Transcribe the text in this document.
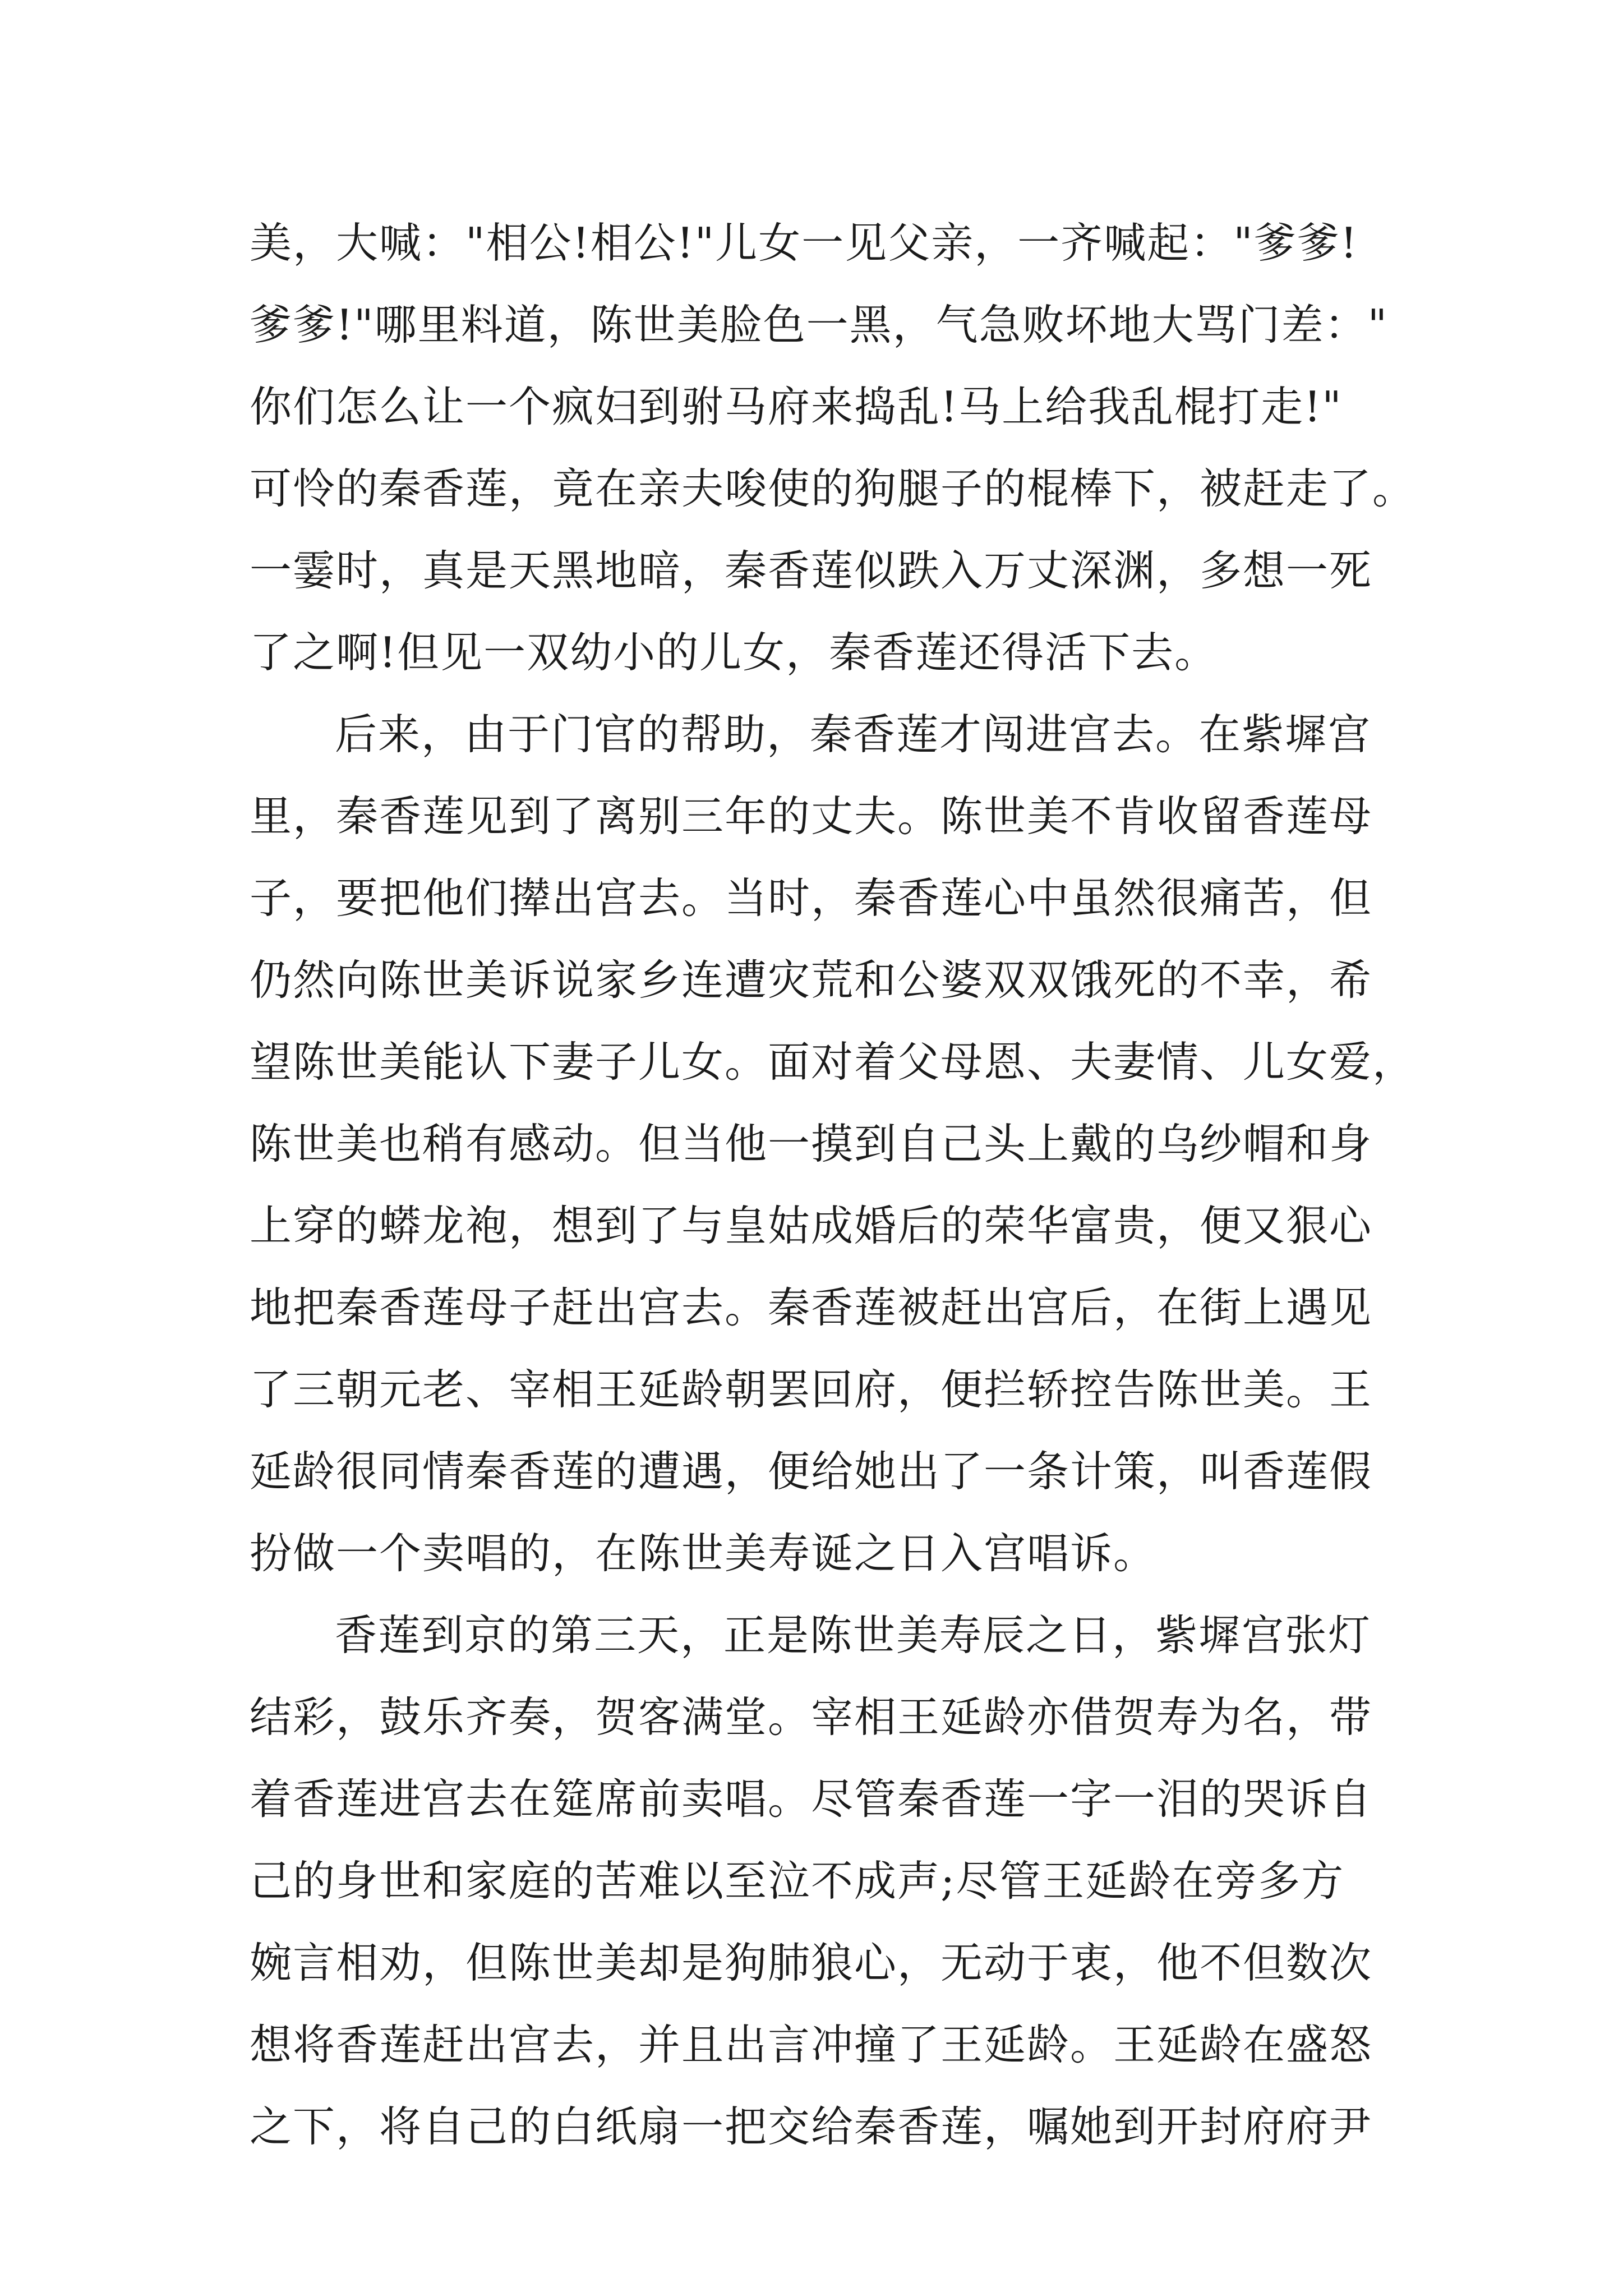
美，大喊："相公!相公!"儿女一见父亲，一齐喊起："爹爹!
爹爹!"哪里料道，陈世美脸色一黑，气急败坏地大骂门差："
你们怎么让一个疯妇到驸马府来捣乱!马上给我乱棍打走!"
可怜的秦香莲，竟在亲夫唆使的狗腿子的棍棒下，被赶走了。
一霎时，真是天黑地暗，秦香莲似跌入万丈深渊，多想一死
了之啊!但见一双幼小的儿女，秦香莲还得活下去。
后来，由于门官的帮助，秦香莲才闯进宫去。在紫墀宫
里，秦香莲见到了离别三年的丈夫。陈世美不肯收留香莲母
子，要把他们撵出宫去。当时，秦香莲心中虽然很痛苦，但
仍然向陈世美诉说家乡连遭灾荒和公婆双双饿死的不幸，希
望陈世美能认下妻子儿女。面对着父母恩、夫妻情、儿女爱，
陈世美也稍有感动。但当他一摸到自己头上戴的乌纱帽和身
上穿的蟒龙袍，想到了与皇姑成婚后的荣华富贵，便又狠心
地把秦香莲母子赶出宫去。秦香莲被赶出宫后，在街上遇见
了三朝元老、宰相王延龄朝罢回府，便拦轿控告陈世美。王
延龄很同情秦香莲的遭遇，便给她出了一条计策，叫香莲假
扮做一个卖唱的，在陈世美寿诞之日入宫唱诉。
香莲到京的第三天，正是陈世美寿辰之日，紫墀宫张灯
结彩，鼓乐齐奏，贺客满堂。宰相王延龄亦借贺寿为名，带
着香莲进宫去在筵席前卖唱。尽管秦香莲一字一泪的哭诉自
己的身世和家庭的苦难以至泣不成声;尽管王延龄在旁多方
婉言相劝，但陈世美却是狗肺狼心，无动于衷，他不但数次
想将香莲赶出宫去，并且出言冲撞了王延龄。王延龄在盛怒
之下，将自己的白纸扇一把交给秦香莲，嘱她到开封府府尹
